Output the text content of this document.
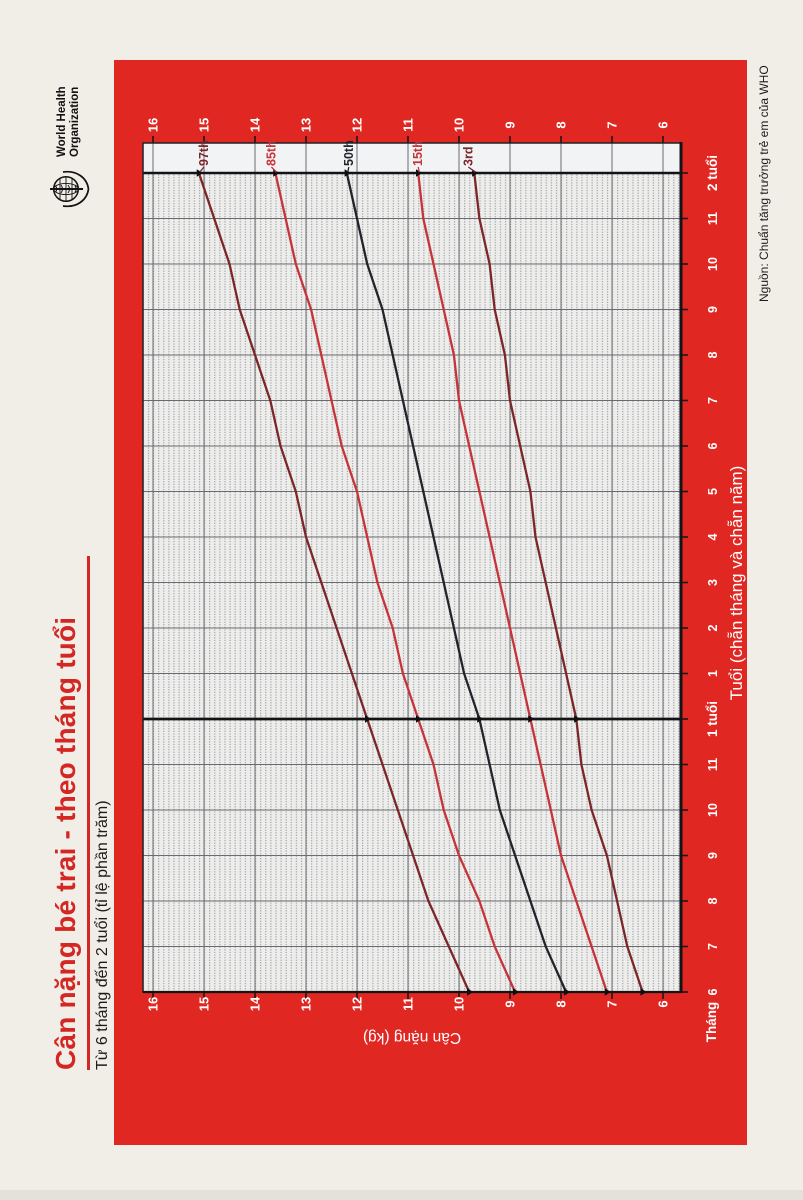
World Health Organization
Cân nặng bé trai - theo tháng tuổi Từ 6 tháng đến 2 tuổi (tỉ lệ phần trăm)
Nguồn: Chuẩn tăng trưởng trẻ em của WHO
97th	85th	50th	15th	3rd
16
16
15
15
14
14
13
13
12
12
11
11
10
10
9
9
8
8
7
7
6
6
6
7
8
9
10
11
1 tuổi
1
2
3
4
5
6
7
8
9
10
11
2 tuổi
Tháng
Tuổi (chẵn tháng và chẵn năm)
Cân nặng (kg)
